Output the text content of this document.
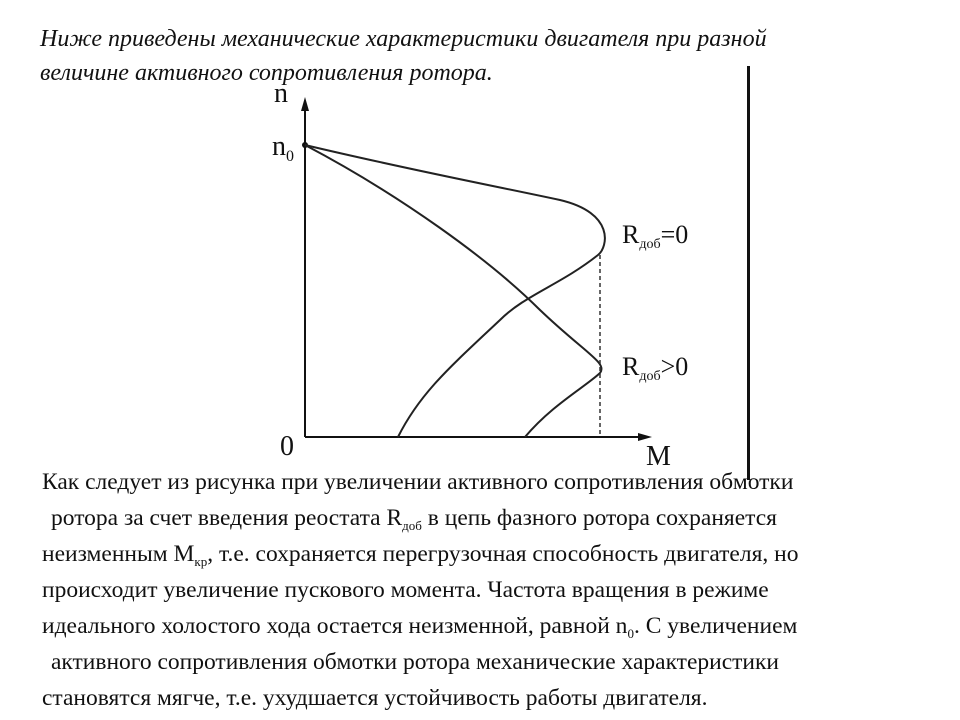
Ниже приведены механические характеристики двигателя при разной
величине активного сопротивления ротора.
n
M
0
$n_0$
Rдоб=0
Rдоб>0
Как следует из рисунка при увеличении активного сопротивления обмотки
ротора за счет введения реостата $R_{доб}$ в цепь фазного ротора сохраняется
неизменным $M_{кр}$, т.е. сохраняется перегрузочная способность двигателя, но
происходит увеличение пускового момента. Частота вращения в режиме
идеального холостого хода остается неизменной, равной $n_0$. С увеличением
активного сопротивления обмотки ротора механические характеристики
становятся мягче, т.е. ухудшается устойчивость работы двигателя.
